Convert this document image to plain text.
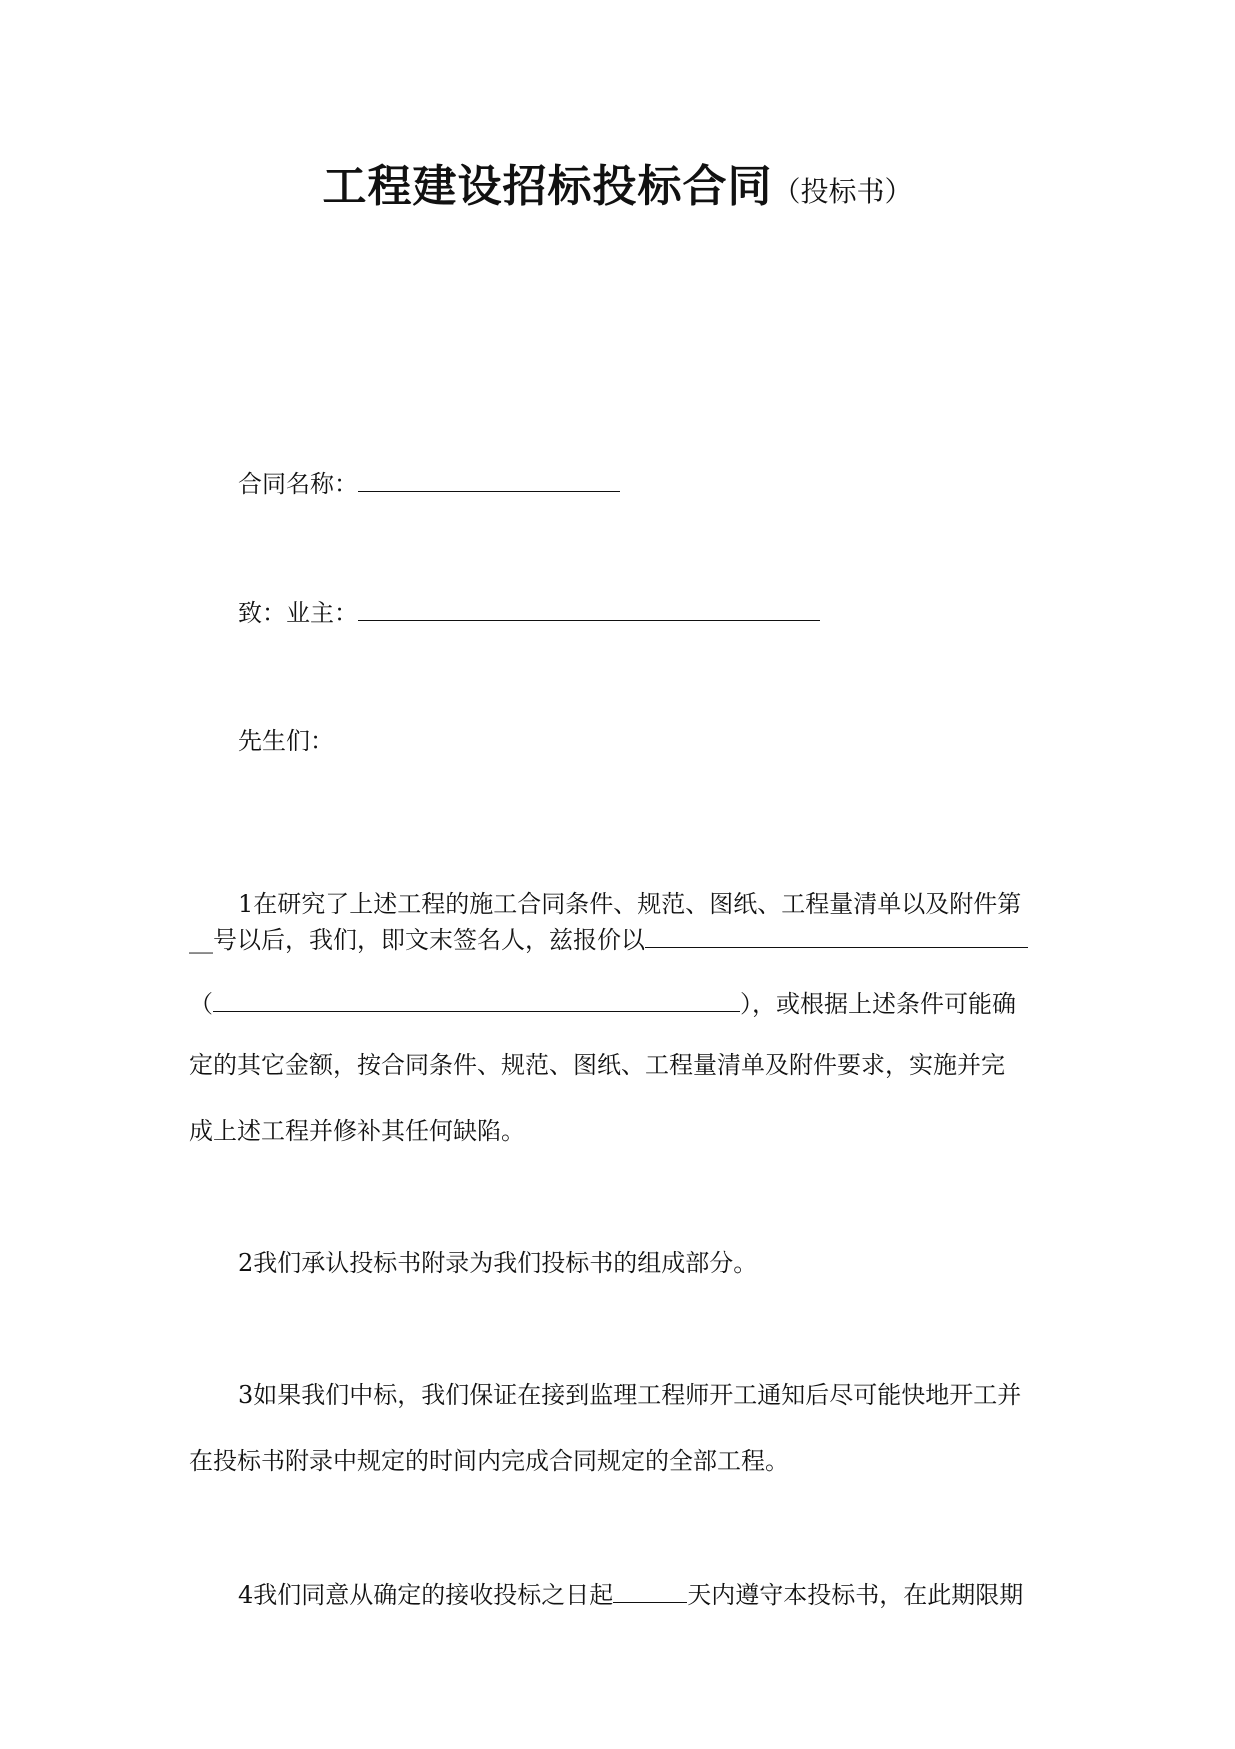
工程建设招标投标合同（投标书）
合同名称：
致：业主：
先生们：
1在研究了上述工程的施工合同条件、规范、图纸、工程量清单以及附件第
__号以后，我们，即文末签名人，兹报价以
（	），或根据上述条件可能确
定的其它金额，按合同条件、规范、图纸、工程量清单及附件要求，实施并完
成上述工程并修补其任何缺陷。
2我们承认投标书附录为我们投标书的组成部分。
3如果我们中标，我们保证在接到监理工程师开工通知后尽可能快地开工并
在投标书附录中规定的时间内完成合同规定的全部工程。
4我们同意从确定的接收投标之日起	天内遵守本投标书，在此期限期
